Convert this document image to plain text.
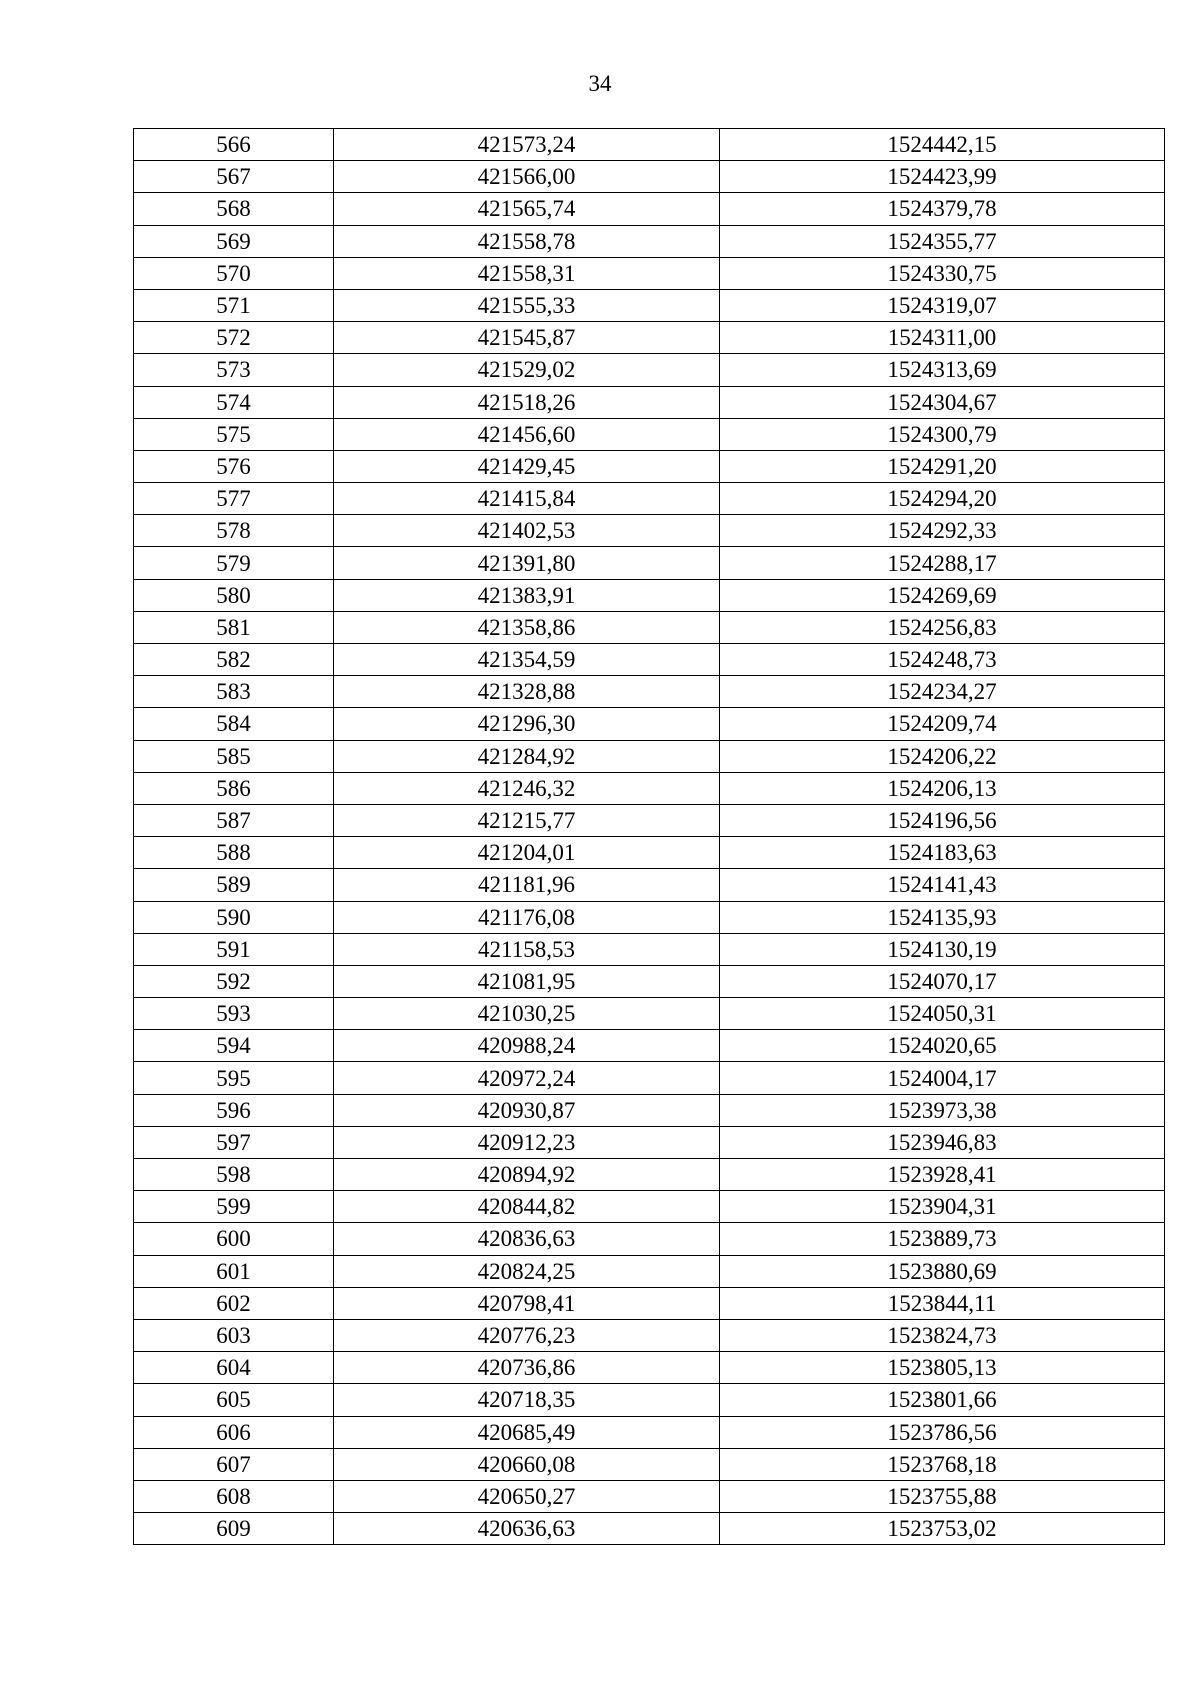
34
566	421573,24	1524442,15
567	421566,00	1524423,99
568	421565,74	1524379,78
569	421558,78	1524355,77
570	421558,31	1524330,75
571	421555,33	1524319,07
572	421545,87	1524311,00
573	421529,02	1524313,69
574	421518,26	1524304,67
575	421456,60	1524300,79
576	421429,45	1524291,20
577	421415,84	1524294,20
578	421402,53	1524292,33
579	421391,80	1524288,17
580	421383,91	1524269,69
581	421358,86	1524256,83
582	421354,59	1524248,73
583	421328,88	1524234,27
584	421296,30	1524209,74
585	421284,92	1524206,22
586	421246,32	1524206,13
587	421215,77	1524196,56
588	421204,01	1524183,63
589	421181,96	1524141,43
590	421176,08	1524135,93
591	421158,53	1524130,19
592	421081,95	1524070,17
593	421030,25	1524050,31
594	420988,24	1524020,65
595	420972,24	1524004,17
596	420930,87	1523973,38
597	420912,23	1523946,83
598	420894,92	1523928,41
599	420844,82	1523904,31
600	420836,63	1523889,73
601	420824,25	1523880,69
602	420798,41	1523844,11
603	420776,23	1523824,73
604	420736,86	1523805,13
605	420718,35	1523801,66
606	420685,49	1523786,56
607	420660,08	1523768,18
608	420650,27	1523755,88
609	420636,63	1523753,02
